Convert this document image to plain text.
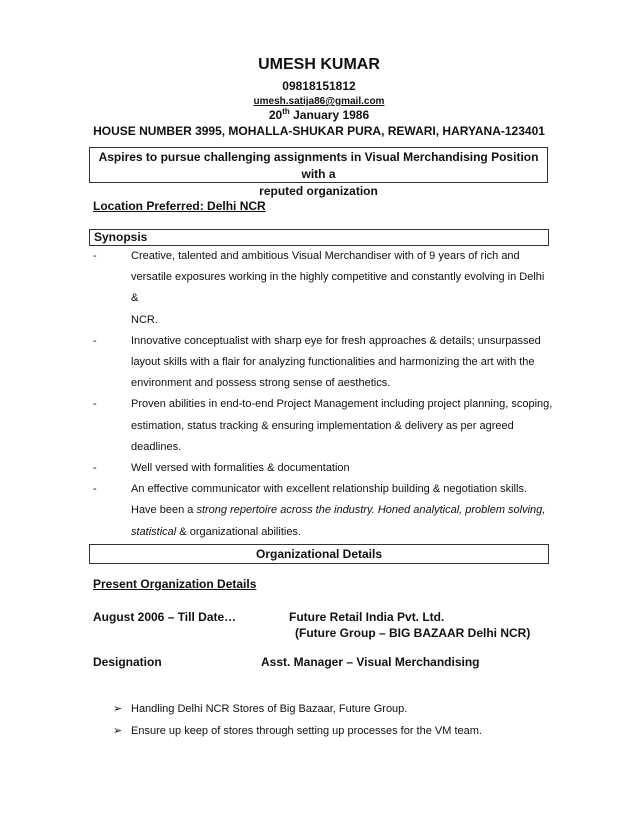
UMESH KUMAR
09818151812
umesh.satija86@gmail.com
20th January 1986
HOUSE NUMBER 3995, MOHALLA-SHUKAR PURA, REWARI, HARYANA-123401
Aspires to pursue challenging assignments in Visual Merchandising Position with a
reputed organization
Location Preferred: Delhi NCR
Synopsis
-	Creative, talented and ambitious Visual Merchandiser with of 9 years of rich and
versatile exposures working in the highly competitive and constantly evolving in Delhi &
NCR.
-	Innovative conceptualist with sharp eye for fresh approaches & details; unsurpassed
layout skills with a flair for analyzing functionalities and harmonizing the art with the
environment and possess strong sense of aesthetics.
-	Proven abilities in end-to-end Project Management including project planning, scoping,
estimation, status tracking & ensuring implementation & delivery as per agreed
deadlines.
-	Well versed with formalities & documentation
-	An effective communicator with excellent relationship building & negotiation skills.
Have been a strong repertoire across the industry. Honed analytical, problem solving,
statistical & organizational abilities.
Organizational Details
Present Organization Details
August 2006 – Till Date…	Future Retail India Pvt. Ltd.
(Future Group – BIG BAZAAR Delhi NCR)
Designation	Asst. Manager – Visual Merchandising
➢ Handling Delhi NCR Stores of Big Bazaar, Future Group.
➢ Ensure up keep of stores through setting up processes for the VM team.
